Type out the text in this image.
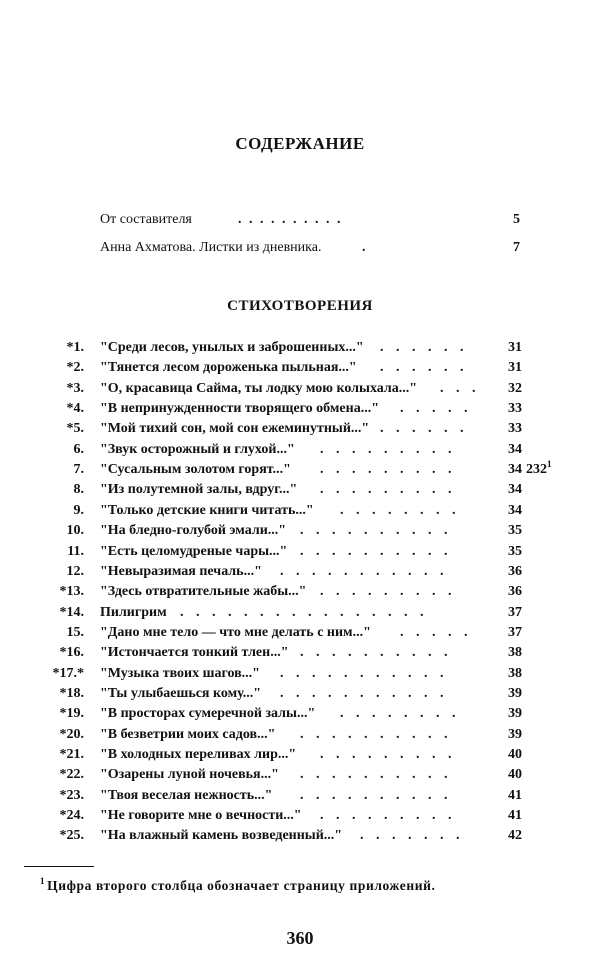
СОДЕРЖАНИЕ
От составителя	. . . . . . . . . .	5
Анна Ахматова. Листки из дневника.	.	7
СТИХОТВОРЕНИЯ
*1. "Среди лесов, унылых и заброшенных..."	31
. . . . . .
*2. "Тянется лесом дороженька пыльная..."	31
. . . . . .
*3. "О, красавица Сайма, ты лодку мою колыхала..."	32
. . .
*4. "В непринужденности творящего обмена..."	33
. . . . .
*5. "Мой тихий сон, мой сон ежеминутный..."	33
. . . . . .
6. "Звук осторожный и глухой..."	34
. . . . . . . . .
7. "Сусальным золотом горят..."	34 $232^1$
. . . . . . . . .
8. "Из полутемной залы, вдруг..."	34
. . . . . . . . .
9. "Только детские книги читать..."	34
. . . . . . . .
10. "На бледно-голубой эмали..."	35
. . . . . . . . . .
11. "Есть целомудреные чары..."	35
. . . . . . . . . .
12. "Невыразимая печаль..."	36
. . . . . . . . . . .
*13. "Здесь отвратительные жабы..."	36
. . . . . . . . .
*14. Пилигрим	37
. . . . . . . . . . . . . . . .
15. "Дано мне тело — что мне делать с ним..."	37
. . . . .
*16. "Истончается тонкий тлен..."	38
. . . . . . . . . .
*17.* "Музыка твоих шагов..."	38
. . . . . . . . . . .
*18. "Ты улыбаешься кому..."	39
. . . . . . . . . . .
*19. "В просторах сумеречной залы..."	39
. . . . . . . .
*20. "В безветрии моих садов..."	39
. . . . . . . . . .
*21. "В холодных переливах лир..."	40
. . . . . . . . .
*22. "Озарены луной ночевья..."	40
. . . . . . . . . .
*23. "Твоя веселая нежность..."	41
. . . . . . . . . .
*24. "Не говорите мне о вечности..."	41
. . . . . . . . .
*25. "На влажный камень возведенный..."	42
. . . . . . .
$^1$ Цифра второго столбца обозначает страницу приложений.
360
